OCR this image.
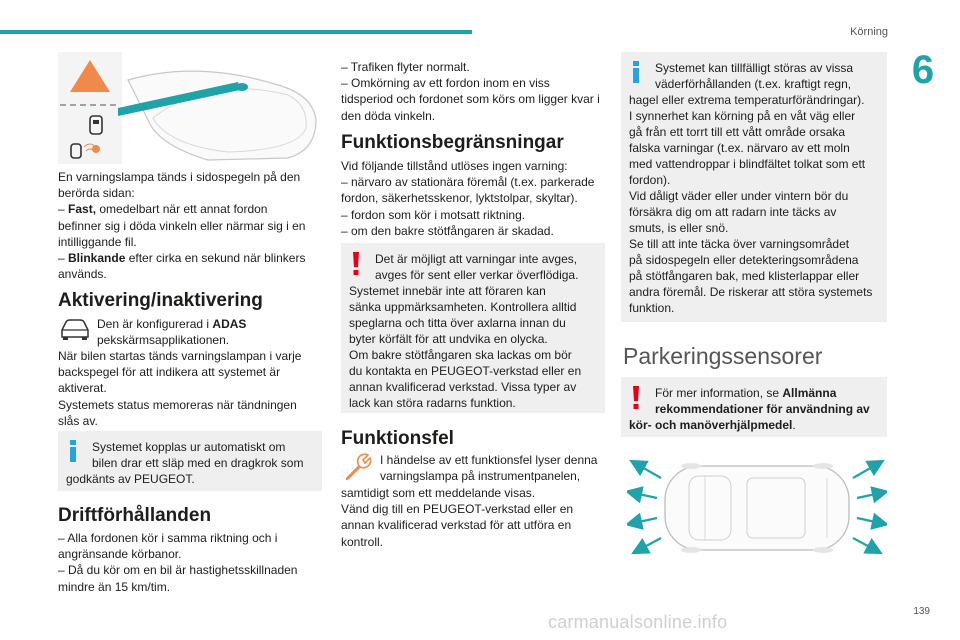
Körning
6
En varningslampa tänds i sidospegeln på den
berörda sidan:
– Fast, omedelbart när ett annat fordon
befinner sig i döda vinkeln eller närmar sig i en
intilliggande fil.
– Blinkande efter cirka en sekund när blinkers
används.
Aktivering/inaktivering
Den är konfigurerad i ADAS
pekskärmsapplikationen.
När bilen startas tänds varningslampan i varje
backspegel för att indikera att systemet är
aktiverat.
Systemets status memoreras när tändningen
slås av.
Systemet kopplas ur automatiskt om
bilen drar ett släp med en dragkrok som
godkänts av PEUGEOT.
Driftförhållanden
– Alla fordonen kör i samma riktning och i
angränsande körbanor.
– Då du kör om en bil är hastighetsskillnaden
mindre än 15 km/tim.
– Trafiken flyter normalt.
– Omkörning av ett fordon inom en viss
tidsperiod och fordonet som körs om ligger kvar i
den döda vinkeln.
Funktionsbegränsningar
Vid följande tillstånd utlöses ingen varning:
– närvaro av stationära föremål (t.ex. parkerade
fordon, säkerhetsskenor, lyktstolpar, skyltar).
– fordon som kör i motsatt riktning.
– om den bakre stötfångaren är skadad.
Det är möjligt att varningar inte avges,
avges för sent eller verkar överflödiga.
Systemet innebär inte att föraren kan
sänka uppmärksamheten. Kontrollera alltid
speglarna och titta över axlarna innan du
byter körfält för att undvika en olycka.
Om bakre stötfångaren ska lackas om bör
du kontakta en PEUGEOT-verkstad eller en
annan kvalificerad verkstad. Vissa typer av
lack kan störa radarns funktion.
Funktionsfel
I händelse av ett funktionsfel lyser denna
varningslampa på instrumentpanelen,
samtidigt som ett meddelande visas.
Vänd dig till en PEUGEOT-verkstad eller en
annan kvalificerad verkstad för att utföra en
kontroll.
Systemet kan tillfälligt störas av vissa
väderförhållanden (t.ex. kraftigt regn,
hagel eller extrema temperaturförändringar).
I synnerhet kan körning på en våt väg eller
gå från ett torrt till ett vått område orsaka
falska varningar (t.ex. närvaro av ett moln
med vattendroppar i blindfältet tolkat som ett
fordon).
Vid dåligt väder eller under vintern bör du
försäkra dig om att radarn inte täcks av
smuts, is eller snö.
Se till att inte täcka över varningsområdet
på sidospegeln eller detekteringsområdena
på stötfångaren bak, med klisterlappar eller
andra föremål. De riskerar att störa systemets
funktion.
Parkeringssensorer
För mer information, se Allmänna
rekommendationer för användning av
kör- och manöverhjälpmedel.
139
carmanualsonline.info
